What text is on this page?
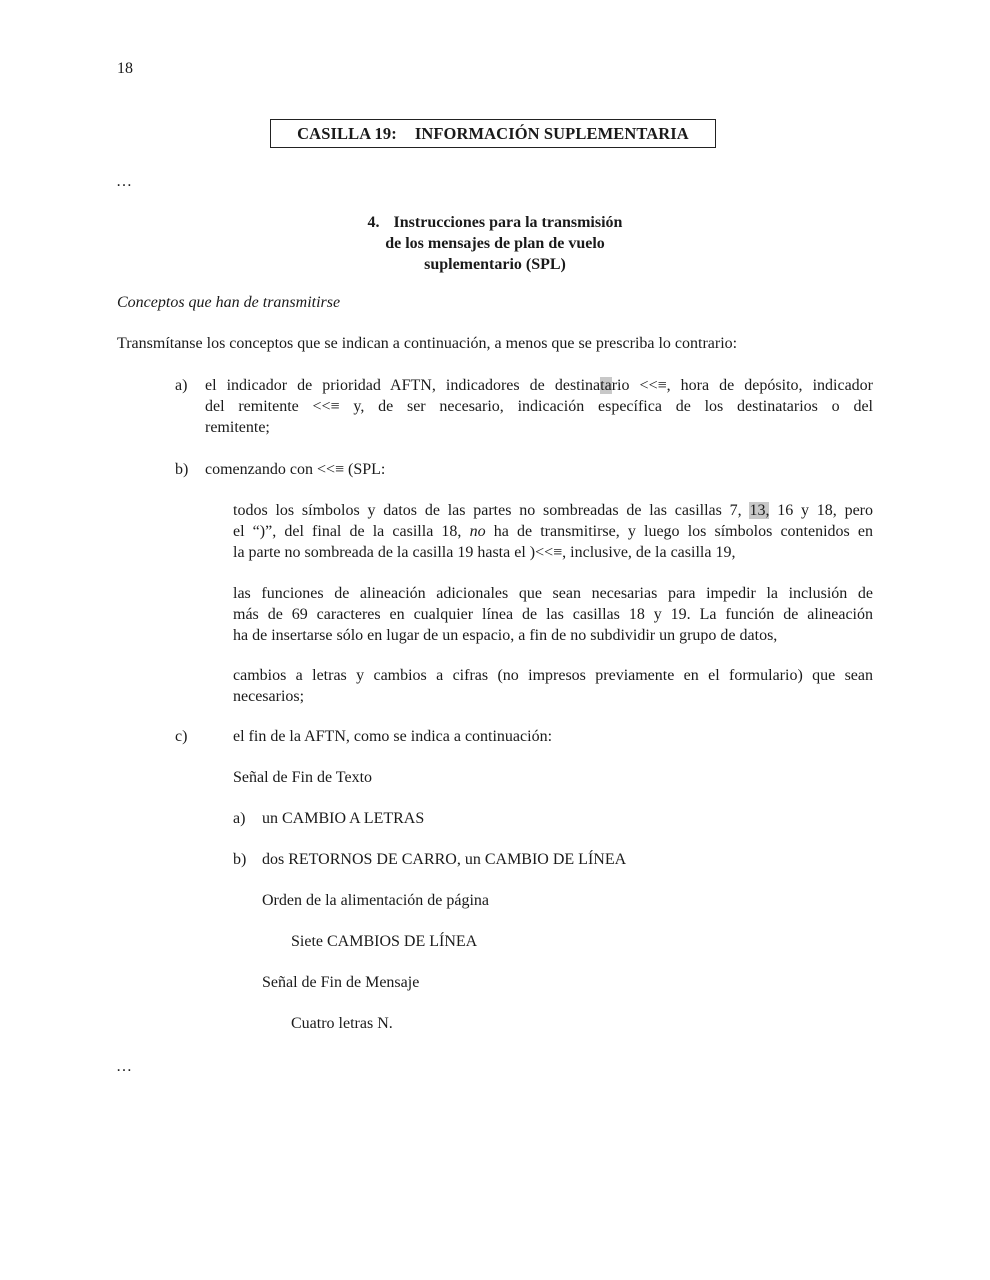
18
CASILLA 19: INFORMACIÓN SUPLEMENTARIA
…
4. Instrucciones para la transmisión
de los mensajes de plan de vuelo
suplementario (SPL)
Conceptos que han de transmitirse
Transmítanse los conceptos que se indican a continuación, a menos que se prescriba lo contrario:
a) el indicador de prioridad AFTN, indicadores de destinatario <<≡, hora de depósito, indicador
del remitente <<≡ y, de ser necesario, indicación específica de los destinatarios o del
remitente;
b) comenzando con <<≡ (SPL:
todos los símbolos y datos de las partes no sombreadas de las casillas 7, 13, 16 y 18, pero
el “)”, del final de la casilla 18, no ha de transmitirse, y luego los símbolos contenidos en
la parte no sombreada de la casilla 19 hasta el )<<≡, inclusive, de la casilla 19,
las funciones de alineación adicionales que sean necesarias para impedir la inclusión de
más de 69 caracteres en cualquier línea de las casillas 18 y 19. La función de alineación
ha de insertarse sólo en lugar de un espacio, a fin de no subdividir un grupo de datos,
cambios a letras y cambios a cifras (no impresos previamente en el formulario) que sean
necesarios;
c)	el fin de la AFTN, como se indica a continuación:
Señal de Fin de Texto
a) un CAMBIO A LETRAS
b) dos RETORNOS DE CARRO, un CAMBIO DE LÍNEA
Orden de la alimentación de página
Siete CAMBIOS DE LÍNEA
Señal de Fin de Mensaje
Cuatro letras N.
…
